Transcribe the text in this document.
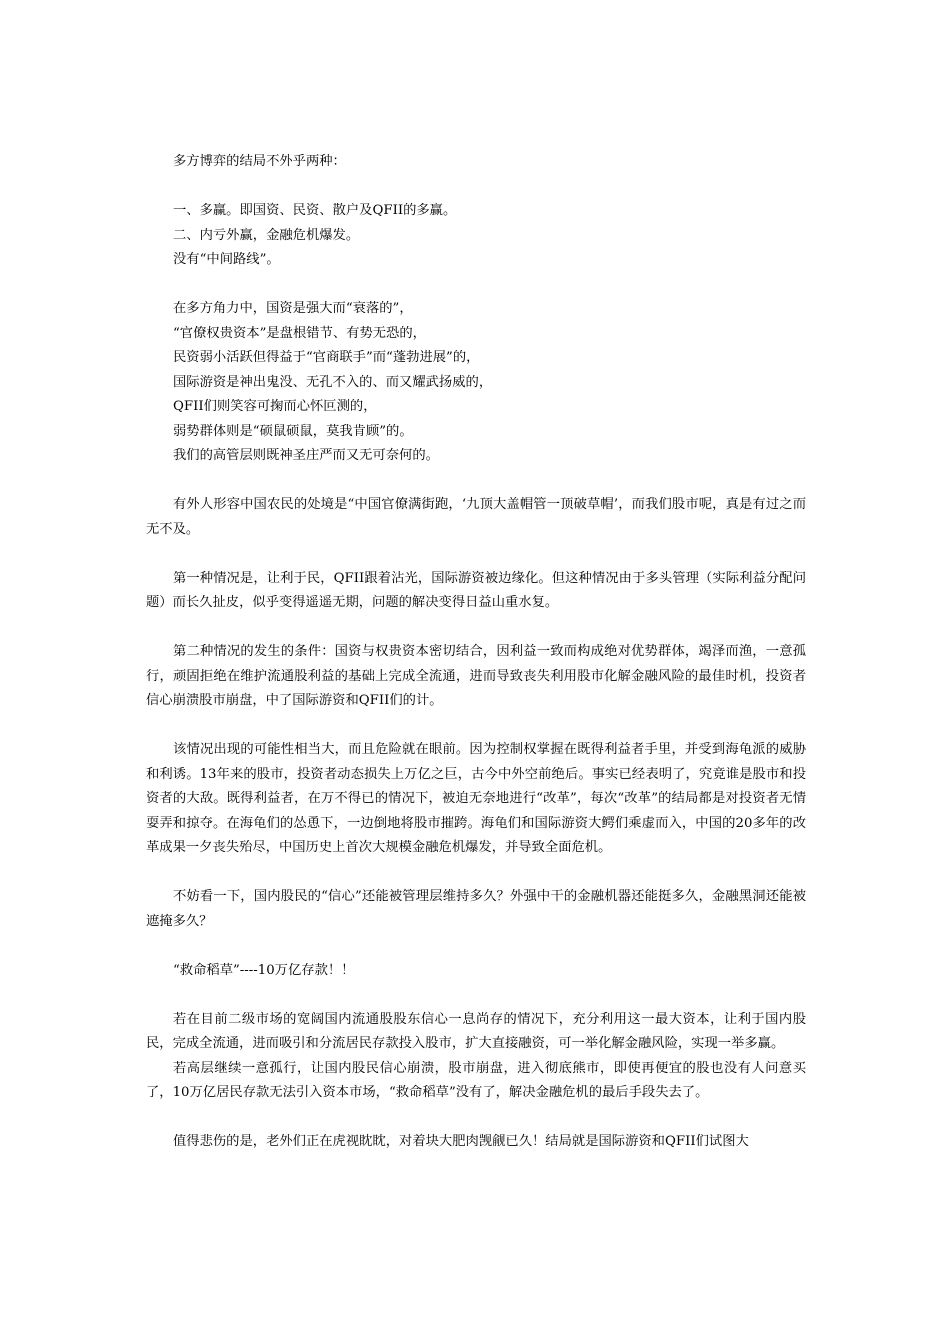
多方博弈的结局不外乎两种：

一、多赢。即国资、民资、散户及QFII的多赢。

二、内亏外赢，金融危机爆发。

没有“中间路线”。

在多方角力中，国资是强大而“衰落的”，

“官僚权贵资本”是盘根错节、有势无恐的，

民资弱小活跃但得益于“官商联手”而“蓬勃进展”的，

国际游资是神出鬼没、无孔不入的、而又耀武扬威的，

QFII们则笑容可掬而心怀叵测的，

弱势群体则是“硕鼠硕鼠，莫我肯顾”的。

我们的高管层则既神圣庄严而又无可奈何的。

有外人形容中国农民的处境是“中国官僚满街跑，‘九顶大盖帽管一顶破草帽’，而我们股市呢，真是有过之而无不及。

第一种情况是，让利于民，QFII跟着沾光，国际游资被边缘化。但这种情况由于多头管理（实际利益分配问题）而长久扯皮，似乎变得遥遥无期，问题的解决变得日益山重水复。

第二种情况的发生的条件：国资与权贵资本密切结合，因利益一致而构成绝对优势群体，竭泽而渔，一意孤行，顽固拒绝在维护流通股利益的基础上完成全流通，进而导致丧失利用股市化解金融风险的最佳时机，投资者信心崩溃股市崩盘，中了国际游资和QFII们的计。

该情况出现的可能性相当大，而且危险就在眼前。因为控制权掌握在既得利益者手里，并受到海龟派的威胁和利诱。13年来的股市，投资者动态损失上万亿之巨，古今中外空前绝后。事实已经表明了，究竟谁是股市和投资者的大敌。既得利益者，在万不得已的情况下，被迫无奈地进行“改革”，每次“改革”的结局都是对投资者无情耍弄和掠夺。在海龟们的怂恿下，一边倒地将股市摧跨。海龟们和国际游资大鳄们乘虚而入，中国的20多年的改革成果一夕丧失殆尽，中国历史上首次大规模金融危机爆发，并导致全面危机。

不妨看一下，国内股民的“信心”还能被管理层维持多久？外强中干的金融机器还能挺多久，金融黑洞还能被遮掩多久？

“救命稻草”----10万亿存款！！

若在目前二级市场的宽阔国内流通股股东信心一息尚存的情况下，充分利用这一最大资本，让利于国内股民，完成全流通，进而吸引和分流居民存款投入股市，扩大直接融资，可一举化解金融风险，实现一举多赢。

若高层继续一意孤行，让国内股民信心崩溃，股市崩盘，进入彻底熊市，即使再便宜的股也没有人问意买了，10万亿居民存款无法引入资本市场，“救命稻草”没有了，解决金融危机的最后手段失去了。

值得悲伤的是，老外们正在虎视眈眈，对着块大肥肉觊觎已久！结局就是国际游资和QFII们试图大
